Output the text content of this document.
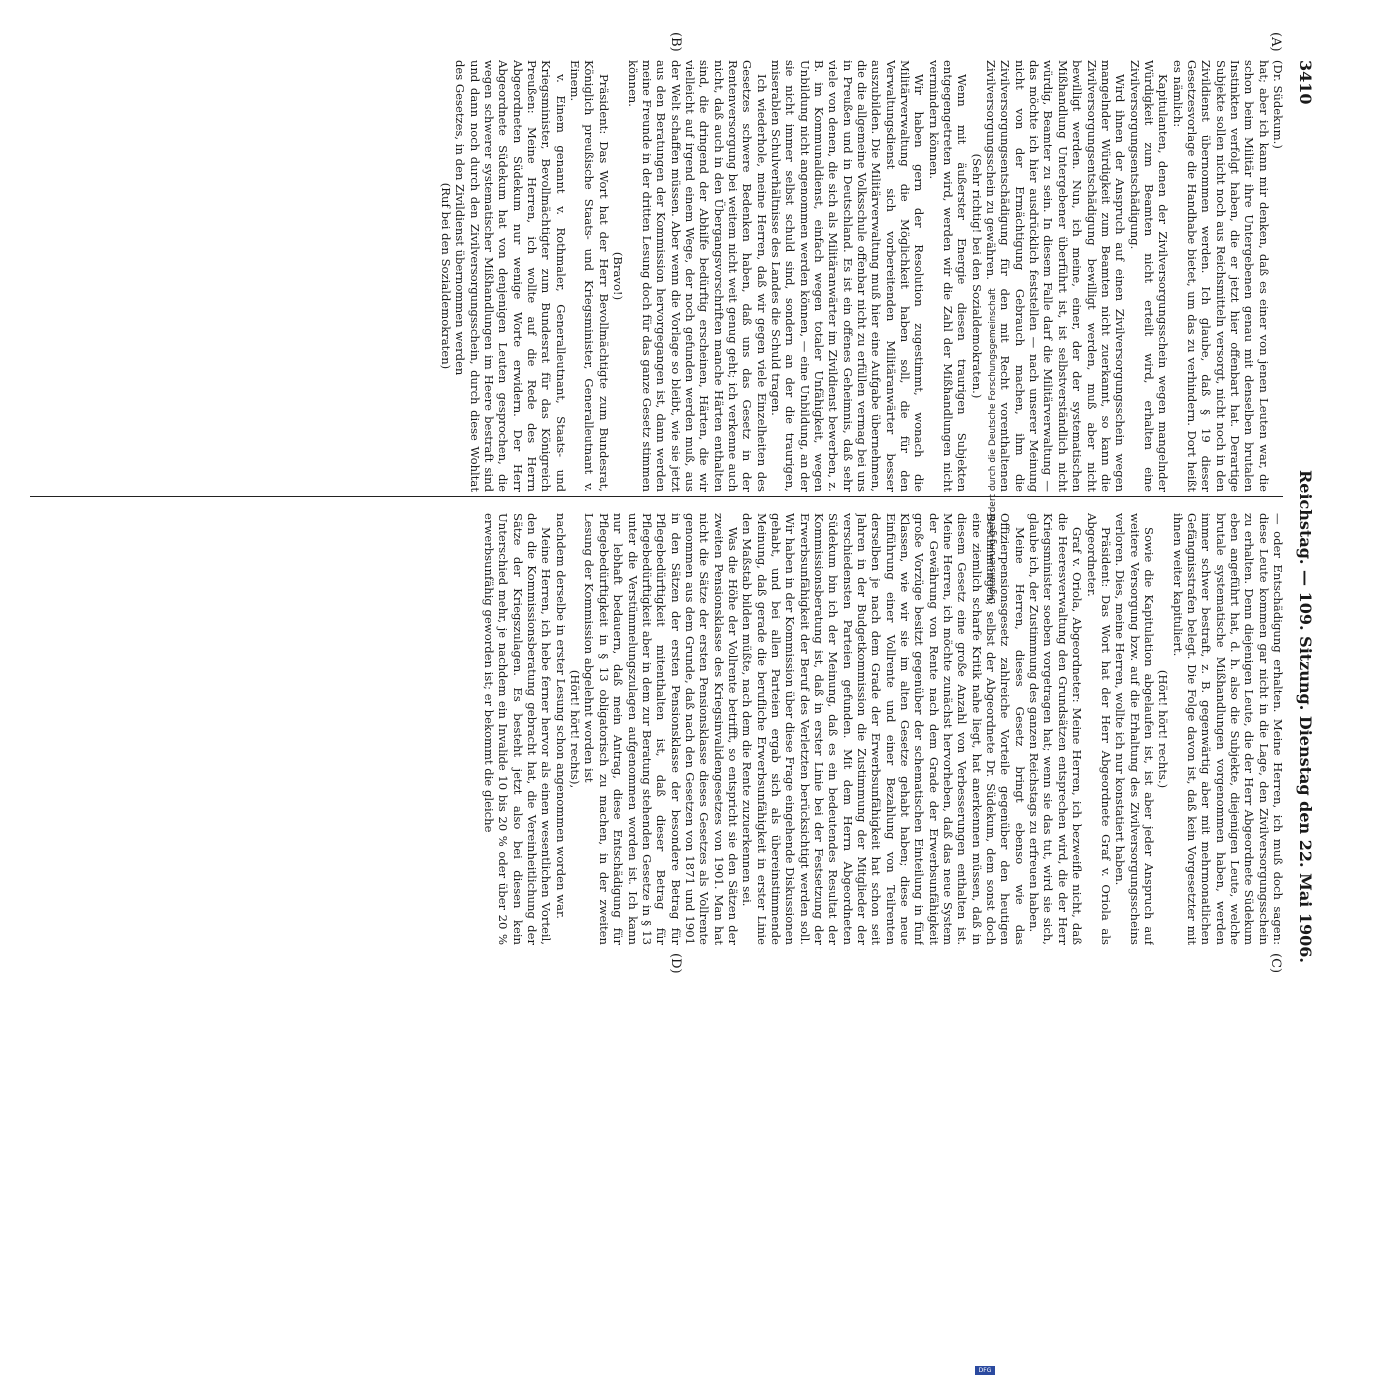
3410
Reichstag. — 109. Sitzung. Dienstag den 22. Mai 1906.
(A)
(B)
(C)
(D)

(Dr. Südekum.)

hat; aber ich kann mir denken, daß es einer von jenen Leuten war, die schon beim Militär ihre Untergebenen genau mit denselben brutalen Instinkten verfolgt haben, die er jetzt hier offenbart hat. Derartige Subjekte sollen nicht noch aus Reichsmitteln versorgt, nicht noch in den Zivildienst übernommen werden. Ich glaube, daß § 19 dieser Gesetzesvorlage die Handhabe bietet, um das zu verhindern. Dort heißt es nämlich:

Kapitulanten, denen der Zivilversorgungsschein wegen mangelnder Würdigkeit zum Beamten nicht erteilt wird, erhalten eine Zivilversorgungsentschädigung.

Wird ihnen der Anspruch auf einen Zivilversorgungsschein wegen mangelnder Würdigkeit zum Beamten nicht zuerkannt, so kann die Zivilversorgungsentschädigung bewilligt werden, muß aber nicht bewilligt werden. Nun, ich meine, einer, der der systematischen Mißhandlung Untergebener überführt ist, ist selbstverständlich nicht würdig, Beamter zu sein. In diesem Falle darf die Militärverwaltung — das möchte ich hier ausdrücklich feststellen — nach unserer Meinung nicht von der Ermächtigung Gebrauch machen, ihm die Zivilversorgungsentschädigung für den mit Recht vorenthaltenen Zivilversorgungsschein zu gewähren.

(Sehr richtig! bei den Sozialdemokraten.)

Wenn mit äußerster Energie diesen traurigen Subjekten entgegengetreten wird, werden wir die Zahl der Mißhandlungen nicht vermindern können.

Wir haben gern der Resolution zugestimmt, wonach die Militärverwaltung die Möglichkeit haben soll, die für den Verwaltungsdienst sich vorbereitenden Militäranwärter besser auszubilden. Die Militärverwaltung muß hier eine Aufgabe übernehmen, die die allgemeine Volksschule offenbar nicht zu erfüllen vermag bei uns in Preußen und in Deutschland. Es ist ein offenes Geheimnis, daß sehr viele von denen, die sich als Militäranwärter im Zivildienst bewerben, z. B. im Kommunaldienst, einfach wegen totaler Unfähigkeit, wegen Unbildung nicht angenommen werden können, — eine Unbildung, an der sie nicht immer selbst schuld sind, sondern an der die traurigen, miserablen Schulverhältnisse des Landes die Schuld tragen.

Ich wiederhole, meine Herren, daß wir gegen viele Einzelheiten des Gesetzes schwere Bedenken haben, daß uns das Gesetz in der Rentenversorgung bei weitem nicht weit genug geht; ich verkenne auch nicht, daß auch in den Übergangsvorschriften manche Härten enthalten sind, die dringend der Abhilfe bedürftig erscheinen, Härten, die wir vielleicht auf irgend einem Wege, der noch gefunden werden muß, aus der Welt schaffen müssen. Aber wenn die Vorlage so bleibt, wie sie jetzt aus den Beratungen der Kommission hervorgegangen ist, dann werden meine Freunde in der dritten Lesung doch für das ganze Gesetz stimmen können.

(Bravo!)

Präsident: Das Wort hat der Herr Bevollmächtigte zum Bundesrat, Königlich preußische Staats- und Kriegsminister, Generalleutnant v. Einem.

v. Einem genannt v. Rothmaler, Generalleutnant, Staats- und Kriegsminister, Bevollmächtigter zum Bundesrat für das Königreich Preußen: Meine Herren, ich wollte auf die Rede des Herrn Abgeordneten Südekum nur wenige Worte erwidern. Der Herr Abgeordnete Südekum hat von denjenigen Leuten gesprochen, die wegen schwerer systematischer Mißhandlungen im Heere bestraft sind und dann noch durch den Zivilversorgungsschein, durch diese Wohltat des Gesetzes, in den Zivildienst übernommen werden

(Ruf bei den Sozialdemokraten)

— oder Entschädigung erhalten. Meine Herren, ich muß doch sagen: diese Leute kommen gar nicht in die Lage, den Zivilversorgungsschein zu erhalten. Denn diejenigen Leute, die der Herr Abgeordnete Südekum eben angeführt hat, d. h. also die Subjekte, diejenigen Leute, welche brutale systematische Mißhandlungen vorgenommen haben, werden immer schwer bestraft, z. B. gegenwärtig aber mit mehrmonatlichen Gefängnisstrafen belegt. Die Folge davon ist, daß kein Vorgesetzter mit ihnen weiter kapituliert.

(Hört! hört! rechts.)

Sowie die Kapitulation abgelaufen ist, ist aber jeder Anspruch auf weitere Versorgung bzw. auf die Erhaltung des Zivilversorgungsscheins verloren. Dies, meine Herren, wollte ich nur konstatiert haben.

Präsident: Das Wort hat der Herr Abgeordnete Graf v. Oriola als Abgeordneter.

Graf v. Oriola, Abgeordneter: Meine Herren, ich bezweifle nicht, daß die Heeresverwaltung den Grundsätzen entsprechen wird, die der Herr Kriegsminister soeben vorgetragen hat; wenn sie das tut, wird sie sich, glaube ich, der Zustimmung des ganzen Reichstags zu erfreuen haben.

Meine Herren, dieses Gesetz bringt ebenso wie das Offizierpensionsgesetz zahlreiche Vorteile gegenüber den heutigen Bestimmungen; selbst der Abgeordnete Dr. Südekum, dem sonst doch eine ziemlich scharfe Kritik nahe liegt, hat anerkennen müssen, daß in diesem Gesetz eine große Anzahl von Verbesserungen enthalten ist. Meine Herren, ich möchte zunächst hervorheben, daß das neue System der Gewährung von Rente nach dem Grade der Erwerbsunfähigkeit große Vorzüge besitzt gegenüber der schematischen Einteilung in fünf Klassen, wie wir sie im alten Gesetze gehabt haben; diese neue Einführung einer Vollrente und einer Bezahlung von Teilrenten derselben je nach dem Grade der Erwerbsunfähigkeit hat schon seit Jahren in der Budgetkommission die Zustimmung der Mitglieder der verschiedensten Parteien gefunden. Mit dem Herrn Abgeordneten Südekum bin ich der Meinung, daß es ein bedeutendes Resultat der Kommissionsberatung ist, daß in erster Linie bei der Festsetzung der Erwerbsunfähigkeit der Beruf des Verletzten berücksichtigt werden soll. Wir haben in der Kommission über diese Frage eingehende Diskussionen gehabt, und bei allen Parteien ergab sich als übereinstimmende Meinung, daß gerade die berufliche Erwerbsunfähigkeit in erster Linie den Maßstab bilden müßte, nach dem die Rente zuzuerkennen sei.

Was die Höhe der Vollrente betrifft, so entspricht sie den Sätzen der zweiten Pensionsklasse des Kriegsinvalidengesetzes von 1901. Man hat nicht die Sätze der ersten Pensionsklasse dieses Gesetzes als Vollrente genommen aus dem Grunde, daß nach den Gesetzen von 1871 und 1901 in den Sätzen der ersten Pensionsklasse der besondere Betrag für Pflegebedürftigkeit mitenthalten ist, daß dieser Betrag für Pflegebedürftigkeit aber in dem zur Beratung stehenden Gesetze in § 13 unter die Verstümmelungszulagen aufgenommen worden ist. Ich kann nur lebhaft bedauern, daß mein Antrag, diese Entschädigung für Pflegebedürftigkeit in § 13 obligatorisch zu machen, in der zweiten Lesung der Kommission abgelehnt worden ist

(Hört! hört! rechts),

nachdem derselbe in erster Lesung schon angenommen worden war.

Meine Herren, ich hebe ferner hervor als einen wesentlichen Vorteil, den die Kommissionsberatung gebracht hat, die Vereinheitlichung der Sätze der Kriegszulagen. Es besteht jetzt also bei diesen kein Unterschied mehr, je nachdem ein Invalide 10 bis 20 % oder über 20 % erwerbsunfähig geworden ist; er bekommt die gleiche

Digitalisierung gefördert durch die Deutsche Forschungsgemeinschaft
DFG
